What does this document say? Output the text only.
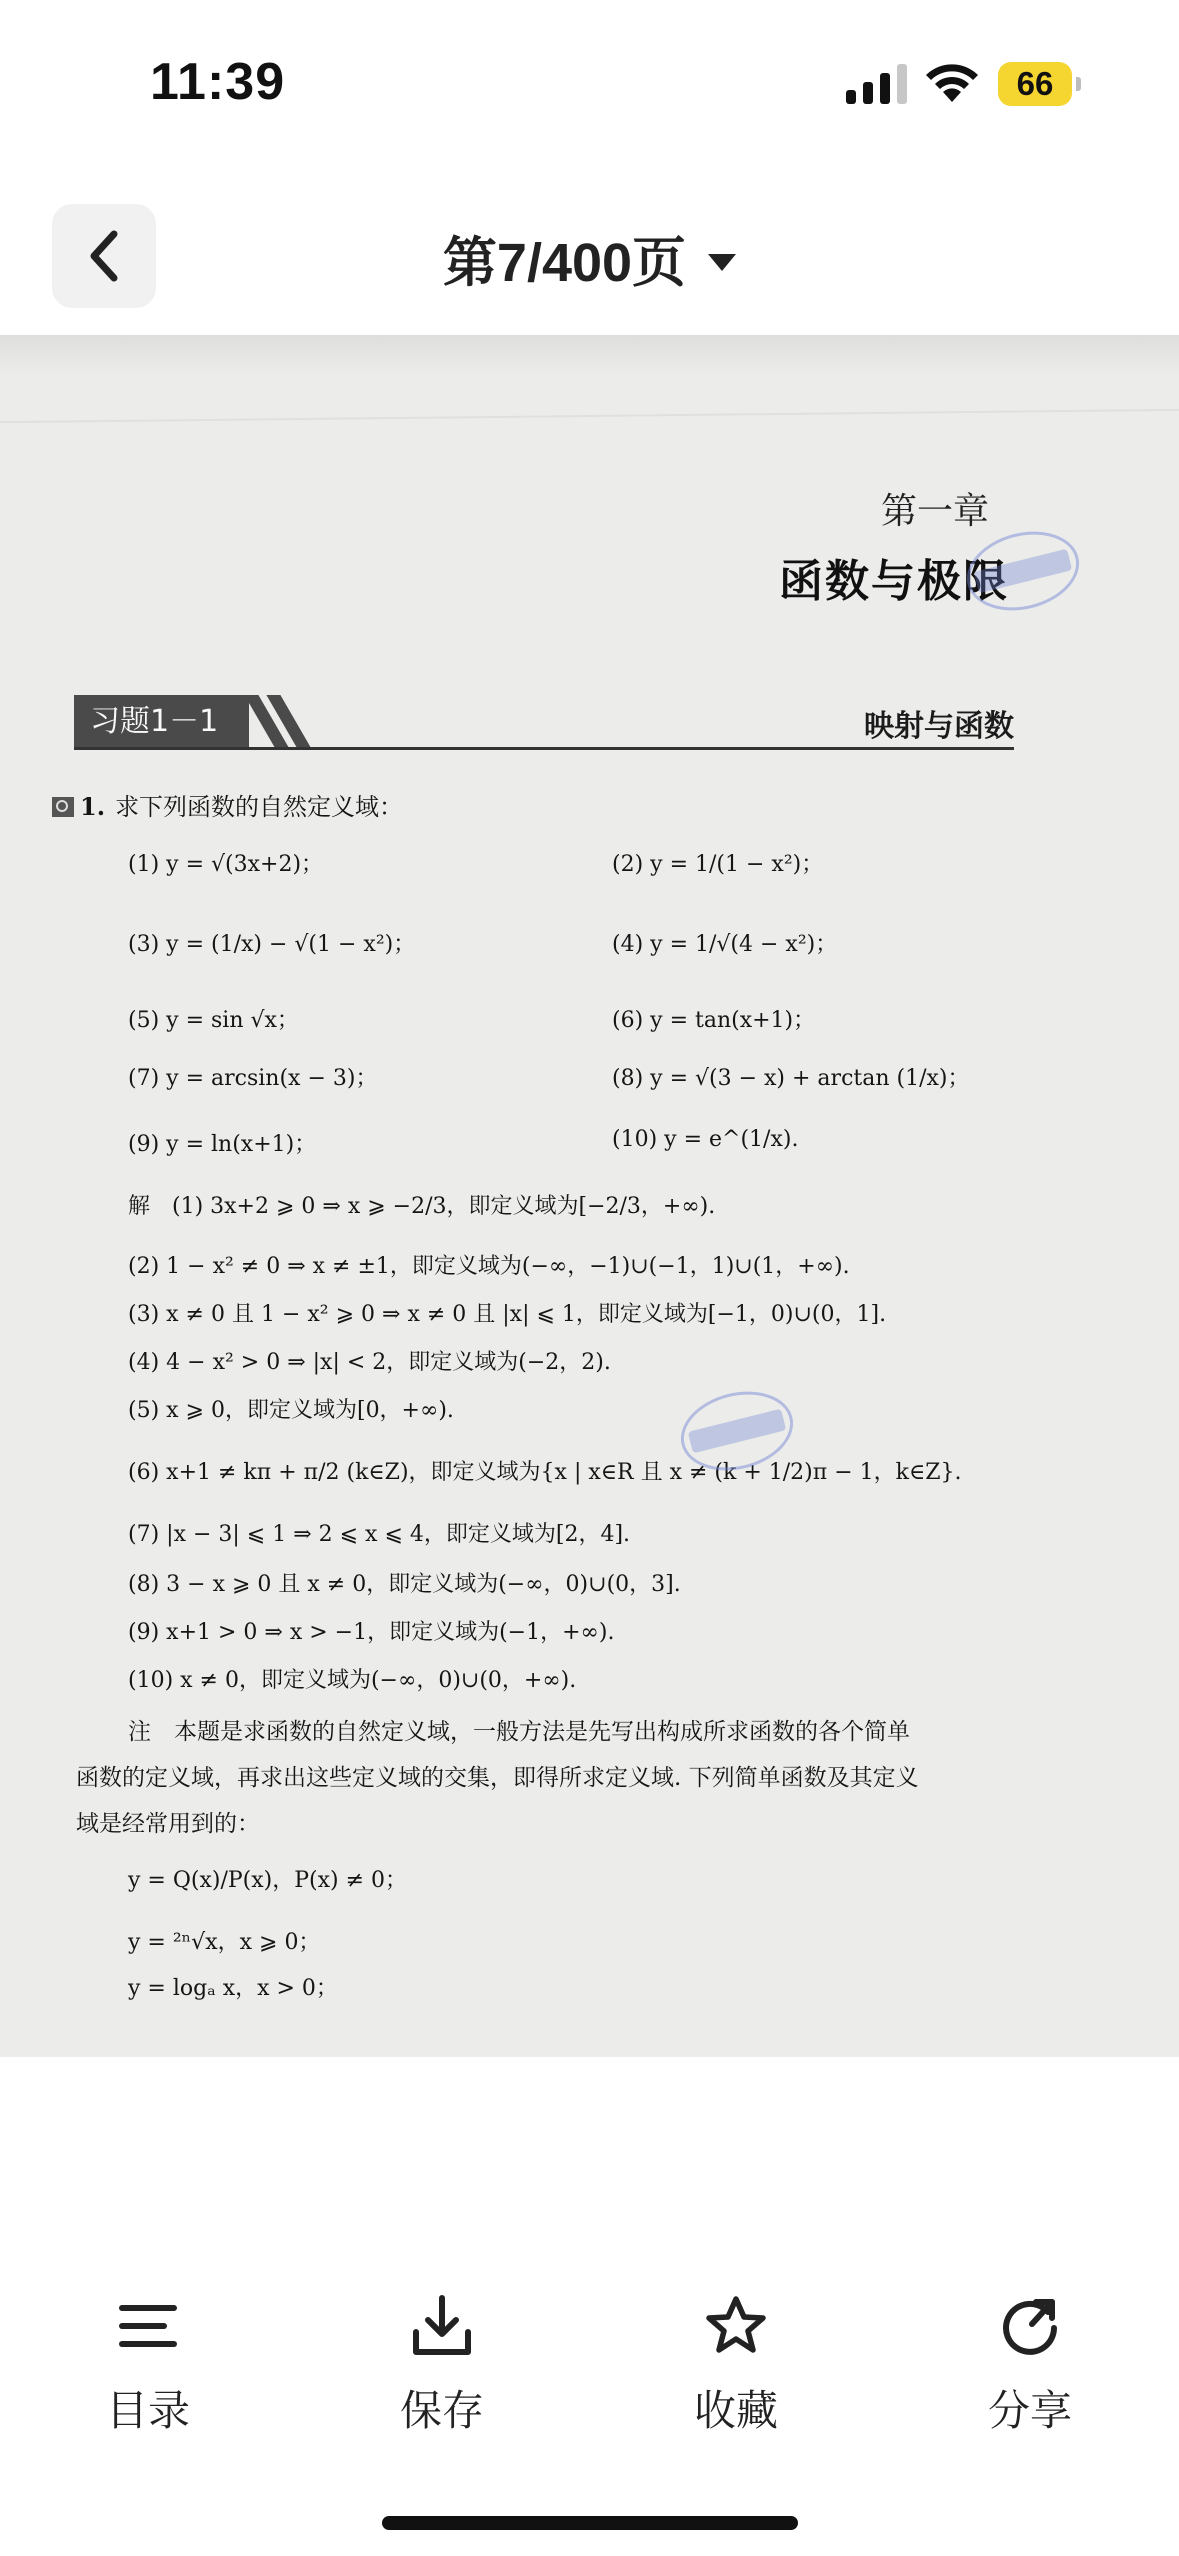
11:39	66
第7/400页
第一章
函数与极限
习题1－1	映射与函数
1. 求下列函数的自然定义域：
(1) y = √(3x+2)；	(2) y = 1/(1 − x²)；
(3) y = (1/x) − √(1 − x²)；	(4) y = 1/√(4 − x²)；
(5) y = sin √x；	(6) y = tan(x+1)；
(7) y = arcsin(x − 3)；	(8) y = √(3 − x) + arctan (1/x)；
(9) y = ln(x+1)；	(10) y = e^(1/x).
解　(1) 3x+2 ⩾ 0 ⇒ x ⩾ −2/3，即定义域为[−2/3，+∞).
(2) 1 − x² ≠ 0 ⇒ x ≠ ±1，即定义域为(−∞，−1)∪(−1，1)∪(1，+∞).
(3) x ≠ 0 且 1 − x² ⩾ 0 ⇒ x ≠ 0 且 |x| ⩽ 1，即定义域为[−1，0)∪(0，1].
(4) 4 − x² > 0 ⇒ |x| < 2，即定义域为(−2，2).
(5) x ⩾ 0，即定义域为[0，+∞).
(6) x+1 ≠ kπ + π/2 (k∈Z)，即定义域为{x | x∈R 且 x ≠ (k + 1/2)π − 1，k∈Z}.
(7) |x − 3| ⩽ 1 ⇒ 2 ⩽ x ⩽ 4，即定义域为[2，4].
(8) 3 − x ⩾ 0 且 x ≠ 0，即定义域为(−∞，0)∪(0，3].
(9) x+1 > 0 ⇒ x > −1，即定义域为(−1，+∞).
(10) x ≠ 0，即定义域为(−∞，0)∪(0，+∞).
注　本题是求函数的自然定义域，一般方法是先写出构成所求函数的各个简单
函数的定义域，再求出这些定义域的交集，即得所求定义域. 下列简单函数及其定义
域是经常用到的：
y = Q(x)/P(x)，P(x) ≠ 0；
y = ²ⁿ√x，x ⩾ 0；
y = logₐ x，x > 0；
目录	保存	收藏	分享
